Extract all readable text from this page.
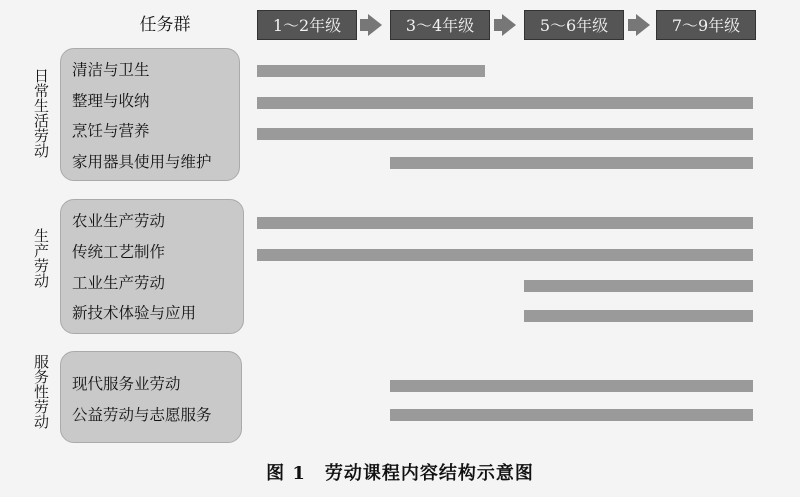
任务群	1～2年级	3～4年级	5～6年级	7～9年级
日常生活劳动 清洁与卫生
整理与收纳
烹饪与营养
家用器具使用与维护
生产劳动
农业生产劳动
传统工艺制作
工业生产劳动
新技术体验与应用
服务性劳动 现代服务业劳动
公益劳动与志愿服务
图 1　劳动课程内容结构示意图
